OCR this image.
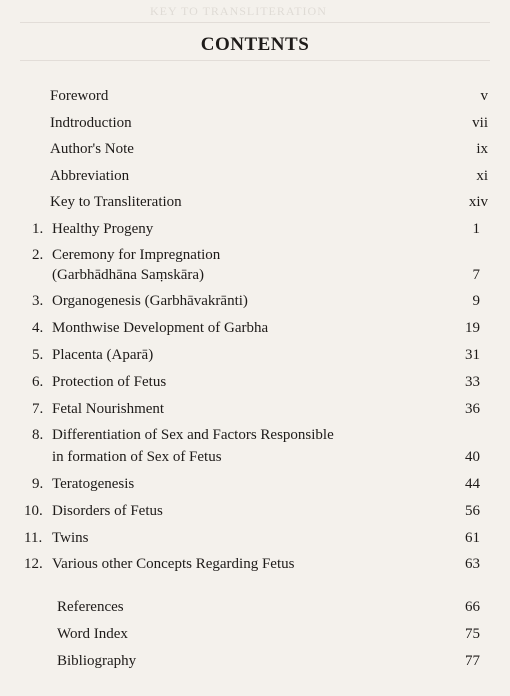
KEY TO TRANSLITERATION
CONTENTS
Foreword	v
Indtroduction	vii
Author's Note	ix
Abbreviation	xi
Key to Transliteration	xiv
1. Healthy Progeny	1
2. Ceremony for Impregnation
(Garbhādhāna Saṃskāra)	7
3. Organogenesis (Garbhāvakrānti)	9
4. Monthwise Development of Garbha	19
5. Placenta (Aparā)	31
6. Protection of Fetus	33
7. Fetal Nourishment	36
8. Differentiation of Sex and Factors Responsible
in formation of Sex of Fetus	40
9. Teratogenesis	44
10. Disorders of Fetus	56
11. Twins	61
12. Various other Concepts Regarding Fetus	63
References	66
Word Index	75
Bibliography	77
